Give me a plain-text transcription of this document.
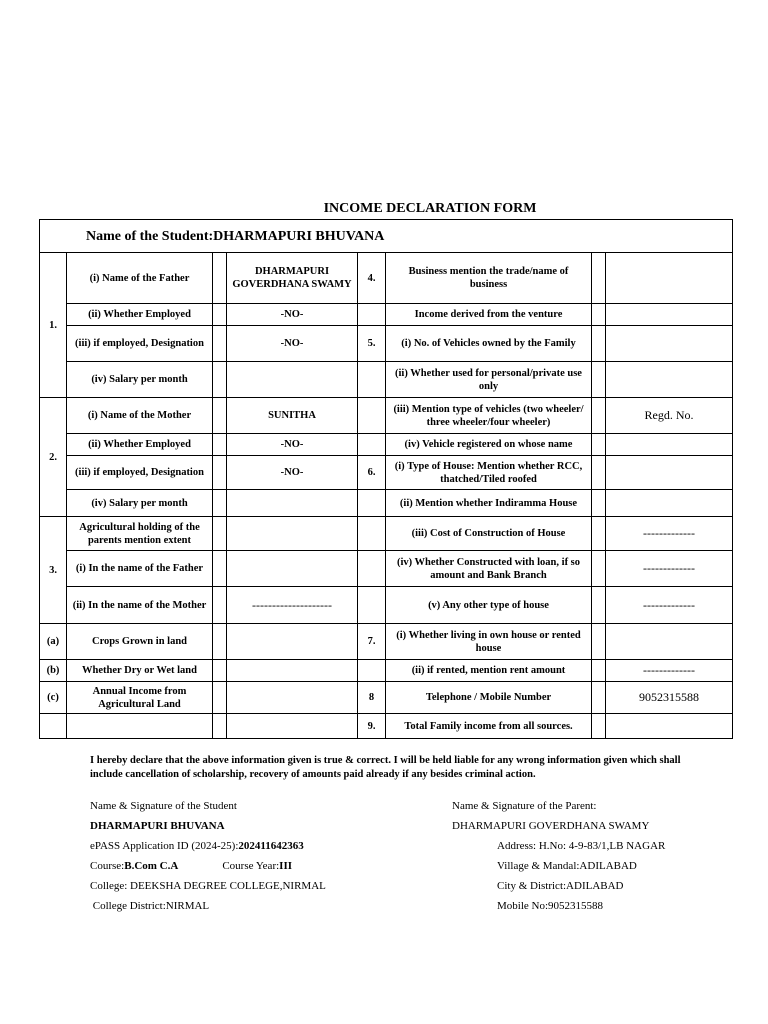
INCOME DECLARATION FORM
Name of the Student:DHARMAPURI BHUVANA							
1.	(i) Name of the Father		DHARMAPURI GOVERDHANA SWAMY	4.	Business mention the trade/name of business		
	(ii) Whether Employed		-NO-		Income derived from the venture		
	(iii) if employed, Designation		-NO-	5.	(i) No. of Vehicles owned by the Family		
	(iv) Salary per month				(ii) Whether used for personal/private use only		
2.	(i) Name of the Mother		SUNITHA		(iii) Mention type of vehicles (two wheeler/ three wheeler/four wheeler)		Regd. No.
	(ii) Whether Employed		-NO-		(iv) Vehicle registered on whose name		
	(iii) if employed, Designation		-NO-	6.	(i) Type of House: Mention whether RCC, thatched/Tiled roofed		
	(iv) Salary per month				(ii) Mention whether Indiramma House		
3.	Agricultural holding of the parents mention extent				(iii) Cost of Construction of House		-------------
	(i) In the name of the Father				(iv) Whether Constructed with loan, if so amount and Bank Branch		-------------
	(ii) In the name of the Mother		--------------------		(v) Any other type of house		-------------
(a)	Crops Grown in land			7.	(i) Whether living in own house or rented house		
(b)	Whether Dry or Wet land				(ii) if rented, mention rent amount		-------------
(c)	Annual Income from Agricultural Land			8	Telephone / Mobile Number		9052315588
				9.	Total Family income from all sources.		
I hereby declare that the above information given is true & correct. I will be held liable for any wrong information given which shall include cancellation of scholarship, recovery of amounts paid already if any besides criminal action.
Name & Signature of the Student
DHARMAPURI BHUVANA
ePASS Application ID (2024-25):202411642363
Course:B.Com C.A	Course Year:III
College: DEEKSHA DEGREE COLLEGE,NIRMAL
College District:NIRMAL
Name & Signature of the Parent:
DHARMAPURI GOVERDHANA SWAMY
Address: H.No: 4-9-83/1,LB NAGAR
Village & Mandal:ADILABAD
City & District:ADILABAD
Mobile No:9052315588
